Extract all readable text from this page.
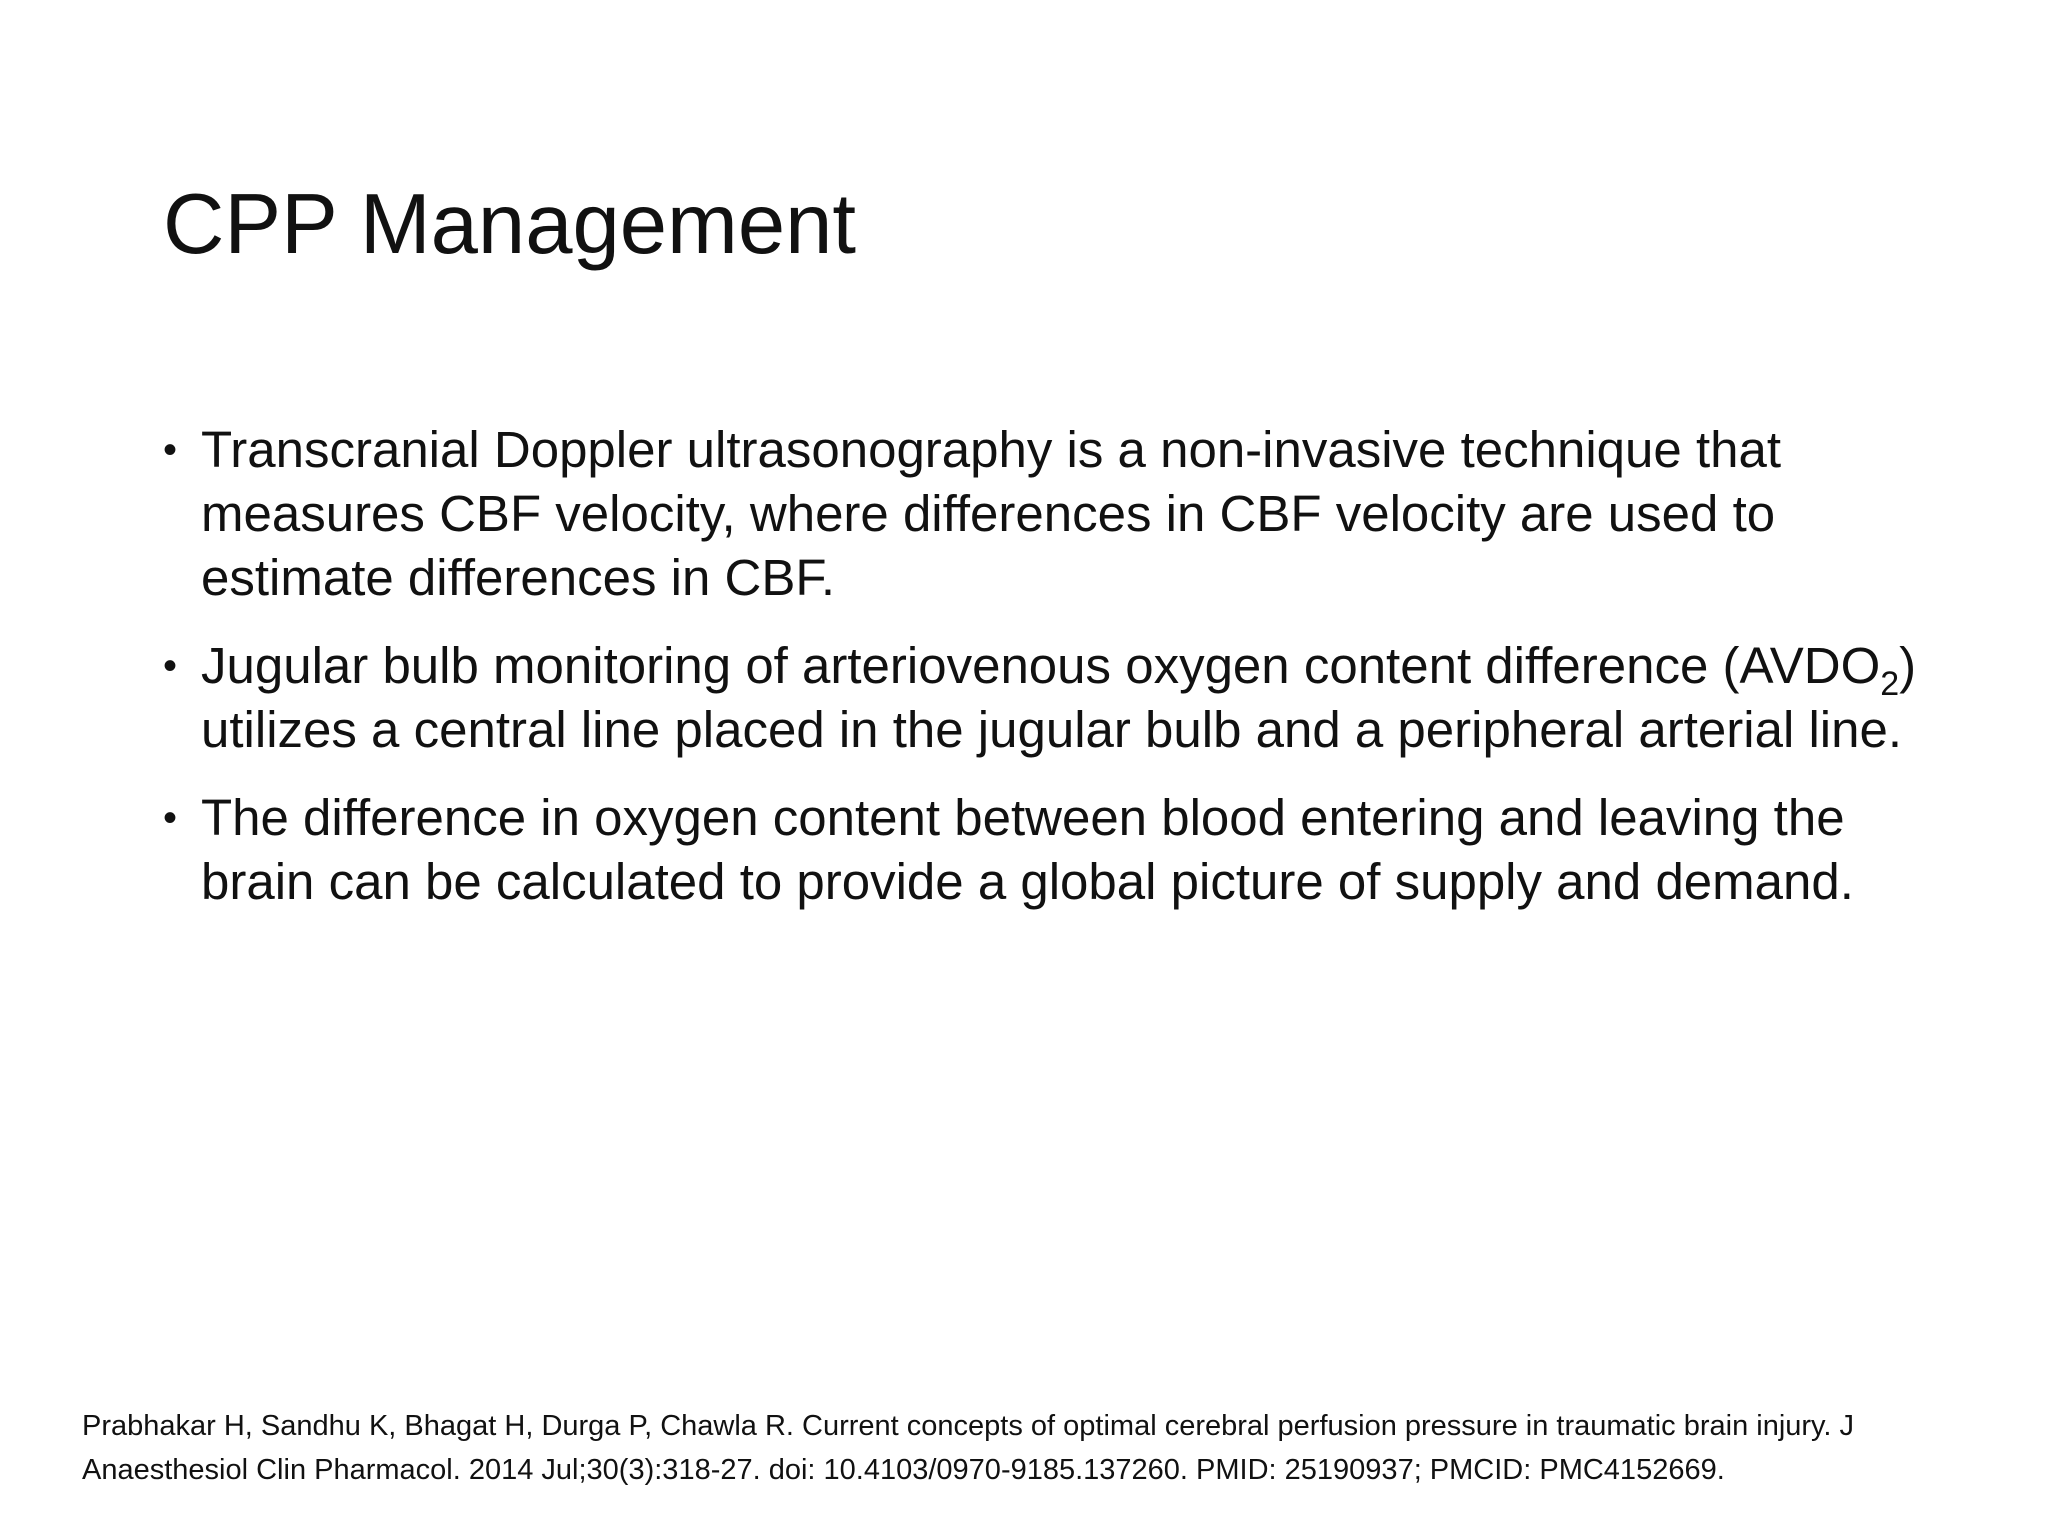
CPP Management
• Transcranial Doppler ultrasonography is a non-invasive technique that measures CBF velocity, where differences in CBF velocity are used to estimate differences in CBF.
• Jugular bulb monitoring of arteriovenous oxygen content difference $(AVDO_2)$ utilizes a central line placed in the jugular bulb and a peripheral arterial line.
• The difference in oxygen content between blood entering and leaving the brain can be calculated to provide a global picture of supply and demand.

Prabhakar H, Sandhu K, Bhagat H, Durga P, Chawla R. Current concepts of optimal cerebral perfusion pressure in traumatic brain injury. J Anaesthesiol Clin Pharmacol. 2014 Jul;30(3):318-27. doi: 10.4103/0970-9185.137260. PMID: 25190937; PMCID: PMC4152669.
